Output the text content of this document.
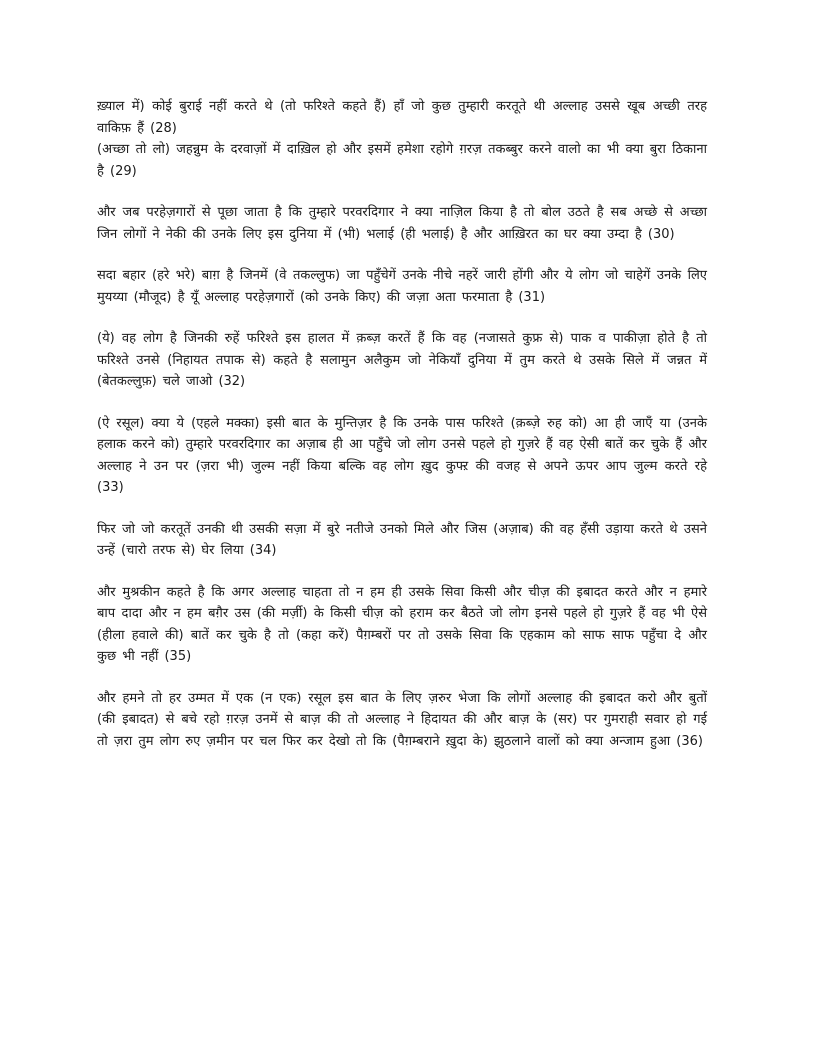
ख़्याल में) कोई बुराई नहीं करते थे (तो फरिश्ते कहते हैं) हाँ जो कुछ तुम्हारी करतूते थी अल्लाह उससे खूब अच्छी तरह वाकिफ़ हैं (28)

(अच्छा तो लो) जहन्नुम के दरवाज़ों में दाख़िल हो और इसमें हमेशा रहोगे ग़रज़ तकब्बुर करने वालो का भी क्या बुरा ठिकाना है (29)

और जब परहेज़गारों से पूछा जाता है कि तुम्हारे परवरदिगार ने क्या नाज़िल किया है तो बोल उठते है सब अच्छे से अच्छा जिन लोगों ने नेकी की उनके लिए इस दुनिया में (भी) भलाई (ही भलाई) है और आख़िरत का घर क्या उम्दा है (30)

सदा बहार (हरे भरे) बाग़ है जिनमें (वे तकल्लुफ) जा पहुँचेगें उनके नीचे नहरें जारी होंगी और ये लोग जो चाहेगें उनके लिए मुयय्या (मौजूद) है यूँ अल्लाह परहेज़गारों (को उनके किए) की जज़ा अता फरमाता है (31)

(ये) वह लोग है जिनकी रुहें फरिश्ते इस हालत में क़ब्ज़ करतें हैं कि वह (नजासते कुफ्र से) पाक व पाकीज़ा होते है तो फरिश्ते उनसे (निहायत तपाक से) कहते है सलामुन अलैकुम जो नेकियाँ दुनिया में तुम करते थे उसके सिले में जन्नत में (बेतकल्लुफ़) चले जाओ (32)

(ऐ रसूल) क्या ये (एहले मक्का) इसी बात के मुन्तिज़र है कि उनके पास फरिश्ते (क़ब्ज़े रुह को) आ ही जाएँ या (उनके हलाक करने को) तुम्हारे परवरदिगार का अज़ाब ही आ पहुँचे जो लोग उनसे पहले हो गुज़रे हैं वह ऐसी बातें कर चुके हैं और अल्लाह ने उन पर (ज़रा भी) जुल्म नहीं किया बल्कि वह लोग ख़ुद कुफ्ऱ की वजह से अपने ऊपर आप जुल्म करते रहे (33)

फिर जो जो करतूतें उनकी थी उसकी सज़ा में बुरे नतीजे उनको मिले और जिस (अज़ाब) की वह हँसी उड़ाया करते थे उसने उन्हें (चारो तरफ से) घेर लिया (34)

और मुश्रकीन कहते है कि अगर अल्लाह चाहता तो न हम ही उसके सिवा किसी और चीज़ की इबादत करते और न हमारे बाप दादा और न हम बग़ैर उस (की मर्ज़ी) के किसी चीज़ को हराम कर बैठते जो लोग इनसे पहले हो गुज़रे हैं वह भी ऐसे (हीला हवाले की) बातें कर चुके है तो (कहा करें) पैग़म्बरों पर तो उसके सिवा कि एहकाम को साफ साफ पहुँचा दे और कुछ भी नहीं (35)

और हमने तो हर उम्मत में एक (न एक) रसूल इस बात के लिए ज़रुर भेजा कि लोगों अल्लाह की इबादत करो और बुतों (की इबादत) से बचे रहो ग़रज़ उनमें से बाज़ की तो अल्लाह ने हिदायत की और बाज़ के (सर) पर गुमराही सवार हो गई तो ज़रा तुम लोग रुए ज़मीन पर चल फिर कर देखो तो कि (पैग़म्बराने ख़ुदा के) झुठलाने वालों को क्या अन्जाम हुआ (36)
